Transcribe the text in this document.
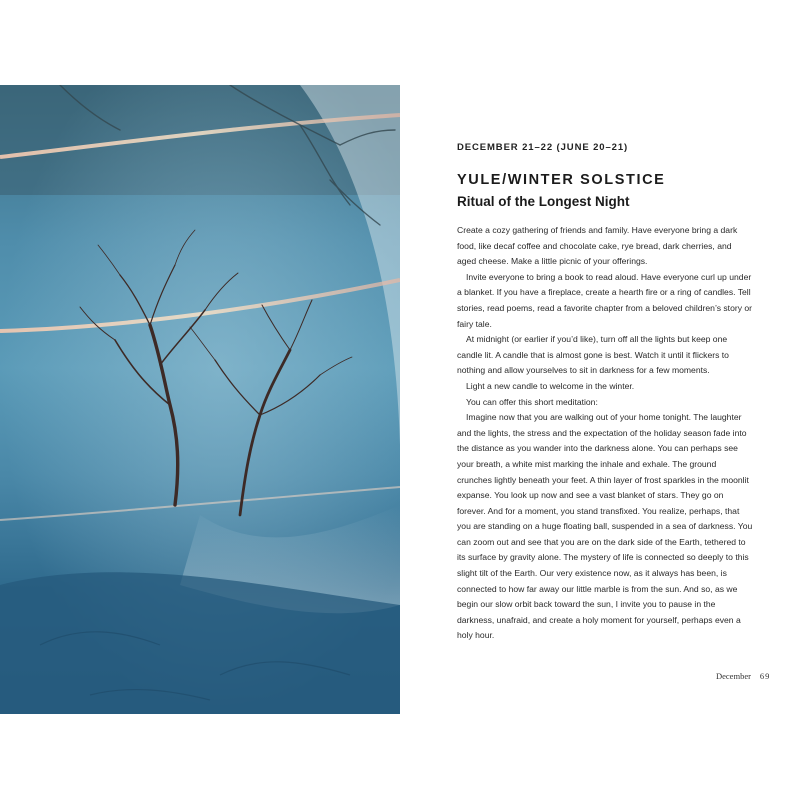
DECEMBER 21–22 (JUNE 20–21)

YULE/WINTER SOLSTICE
Ritual of the Longest Night

Create a cozy gathering of friends and family. Have everyone bring a dark food, like decaf coffee and chocolate cake, rye bread, dark cherries, and aged cheese. Make a little picnic of your offerings.

Invite everyone to bring a book to read aloud. Have everyone curl up under a blanket. If you have a fireplace, create a hearth fire or a ring of candles. Tell stories, read poems, read a favorite chapter from a beloved children’s story or fairy tale.

At midnight (or earlier if you’d like), turn off all the lights but keep one candle lit. A candle that is almost gone is best. Watch it until it flickers to nothing and allow yourselves to sit in darkness for a few moments.

Light a new candle to welcome in the winter.

You can offer this short meditation:

Imagine now that you are walking out of your home tonight. The laughter and the lights, the stress and the expectation of the holiday season fade into the distance as you wander into the darkness alone. You can perhaps see your breath, a white mist marking the inhale and exhale. The ground crunches lightly beneath your feet. A thin layer of frost sparkles in the moonlit expanse. You look up now and see a vast blanket of stars. They go on forever. And for a moment, you stand transfixed. You realize, perhaps, that you are standing on a huge floating ball, suspended in a sea of darkness. You can zoom out and see that you are on the dark side of the Earth, tethered to its surface by gravity alone. The mystery of life is connected so deeply to this slight tilt of the Earth. Our very existence now, as it always has been, is connected to how far away our little marble is from the sun. And so, as we begin our slow orbit back toward the sun, I invite you to pause in the darkness, unafraid, and create a holy moment for yourself, perhaps even a holy hour.

December 69
